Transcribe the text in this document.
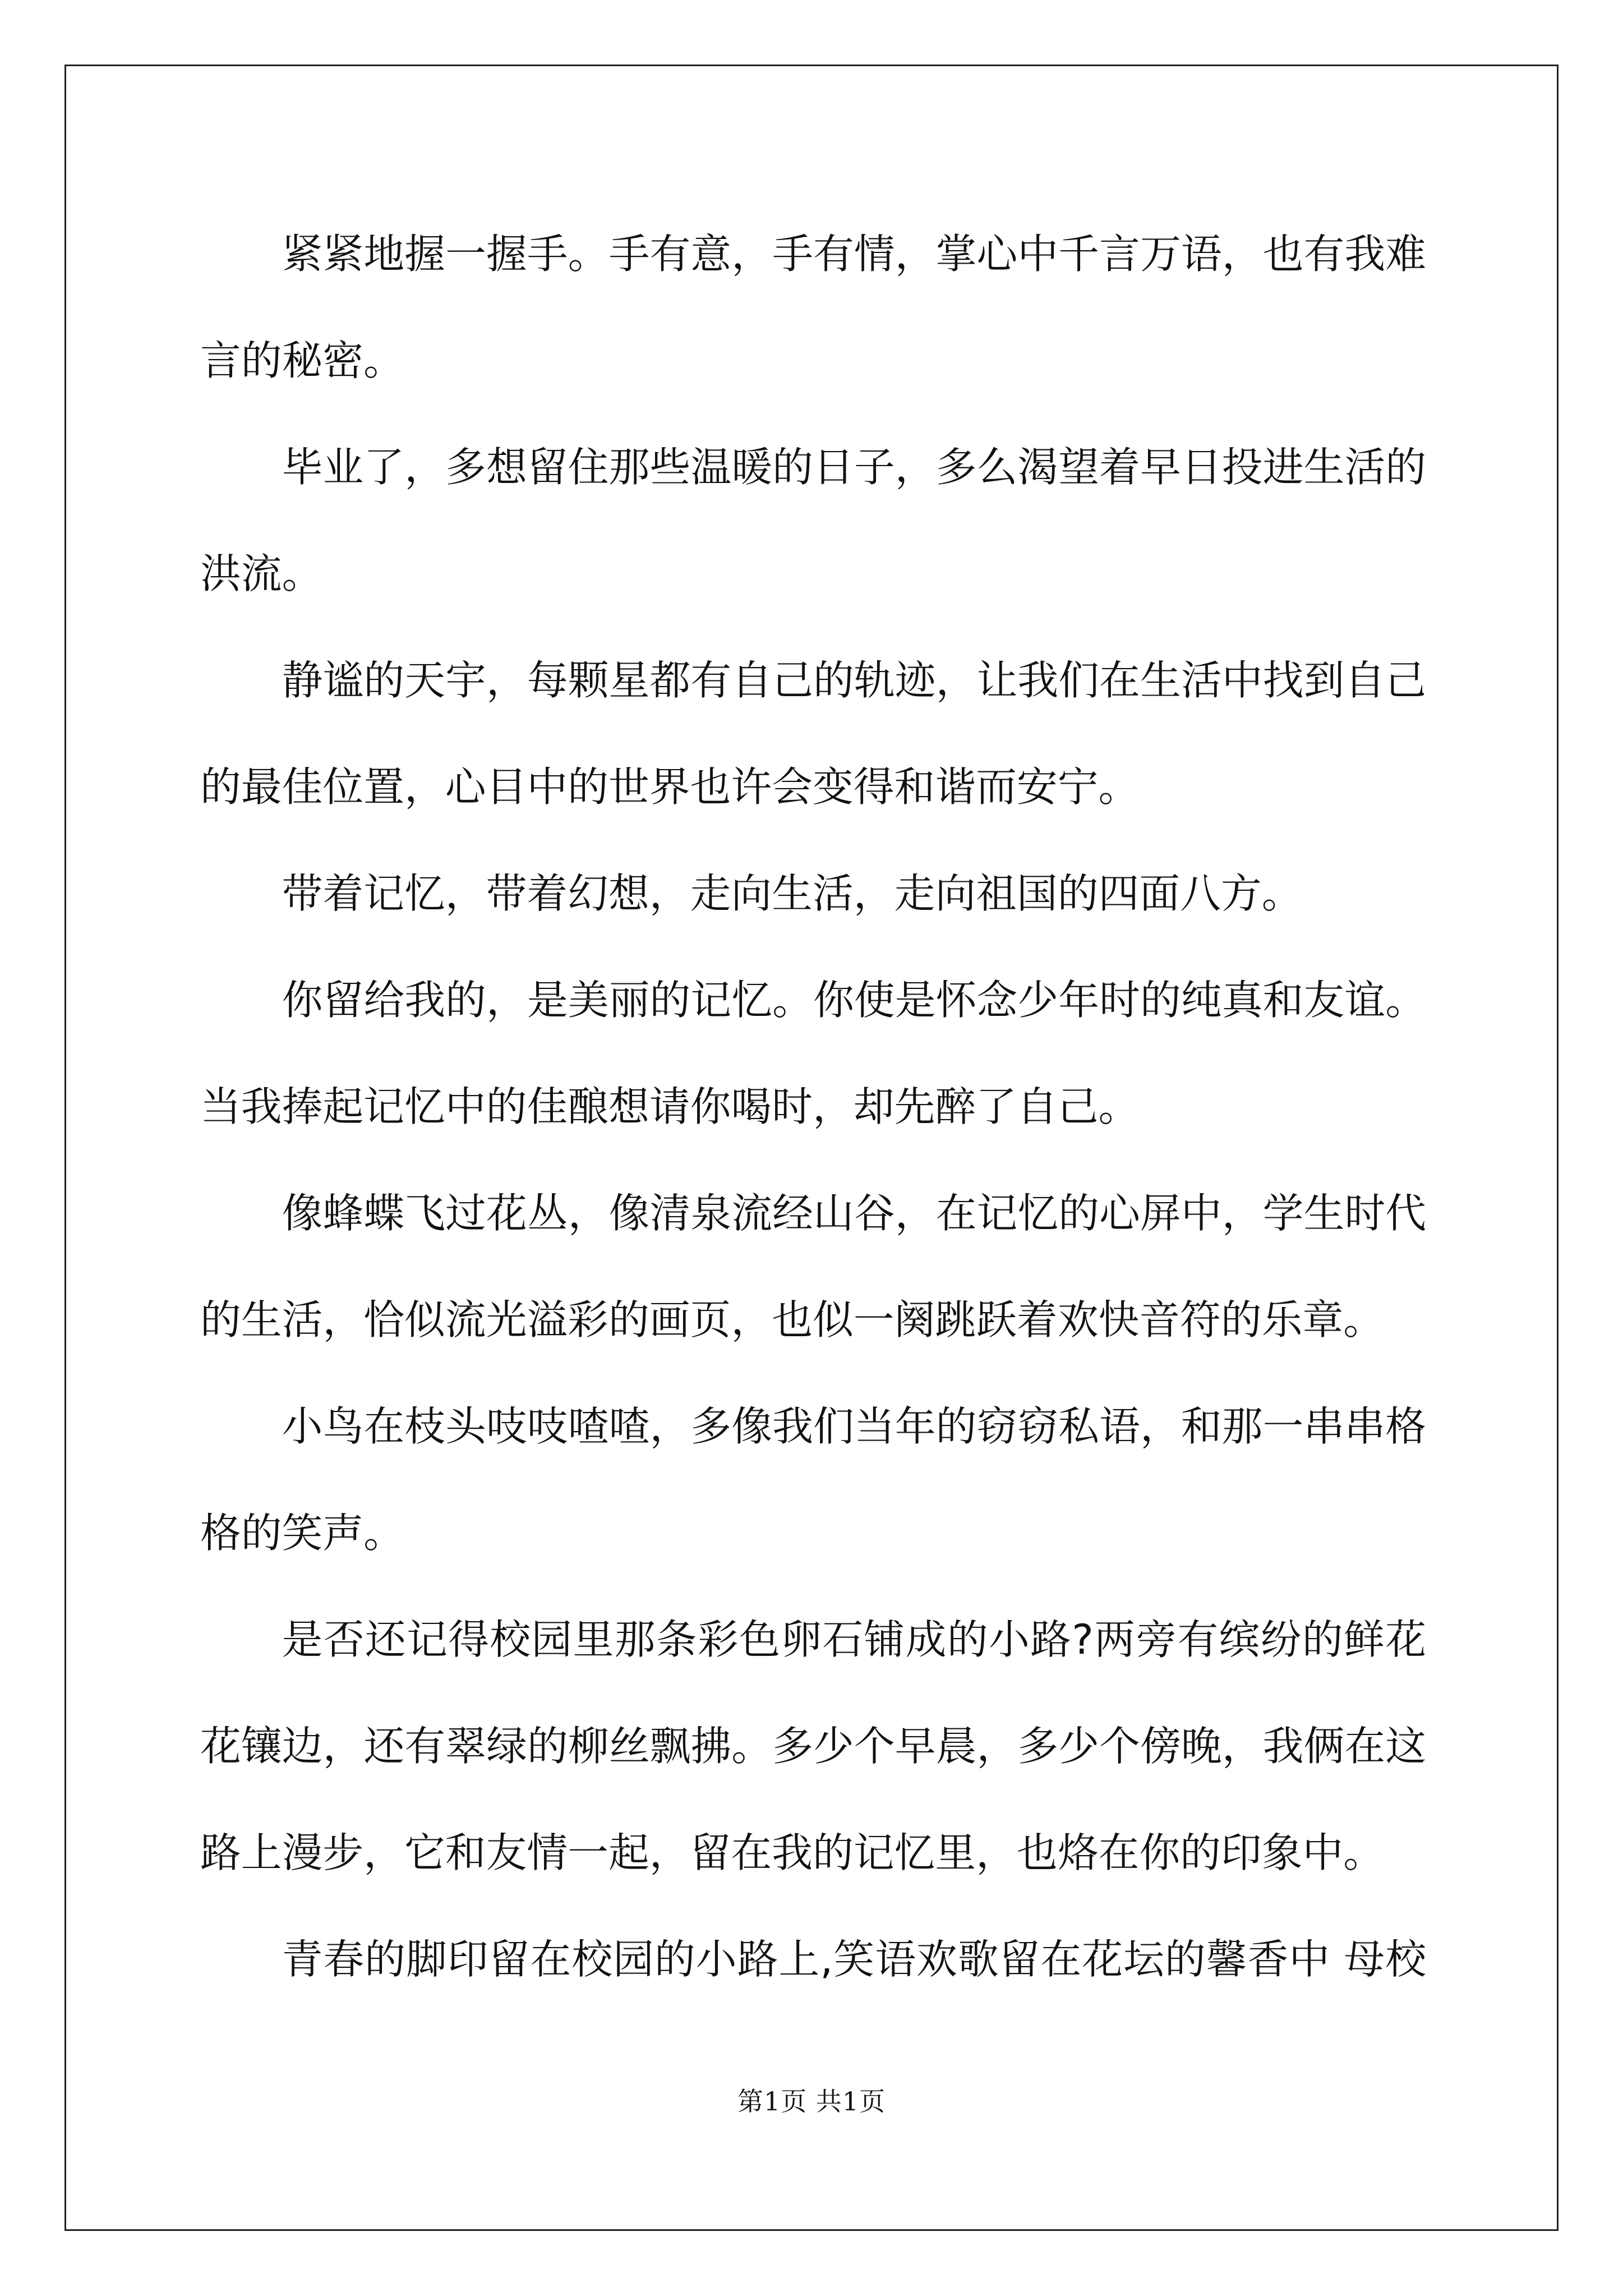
紧紧地握一握手。手有意，手有情，掌心中千言万语，也有我难言的秘密。

毕业了，多想留住那些温暖的日子，多么渴望着早日投进生活的洪流。

静谧的天宇，每颗星都有自己的轨迹，让我们在生活中找到自己的最佳位置，心目中的世界也许会变得和谐而安宁。

带着记忆，带着幻想，走向生活，走向祖国的四面八方。

你留给我的，是美丽的记忆。你使是怀念少年时的纯真和友谊。当我捧起记忆中的佳酿想请你喝时，却先醉了自己。

像蜂蝶飞过花丛，像清泉流经山谷，在记忆的心屏中，学生时代的生活，恰似流光溢彩的画页，也似一阕跳跃着欢快音符的乐章。

小鸟在枝头吱吱喳喳，多像我们当年的窃窃私语，和那一串串格格的笑声。

是否还记得校园里那条彩色卵石铺成的小路?两旁有缤纷的鲜花花镶边，还有翠绿的柳丝飘拂。多少个早晨，多少个傍晚，我俩在这路上漫步，它和友情一起，留在我的记忆里，也烙在你的印象中。

青春的脚印留在校园的小路上,笑语欢歌留在花坛的馨香中 母校

第1页 共1页
